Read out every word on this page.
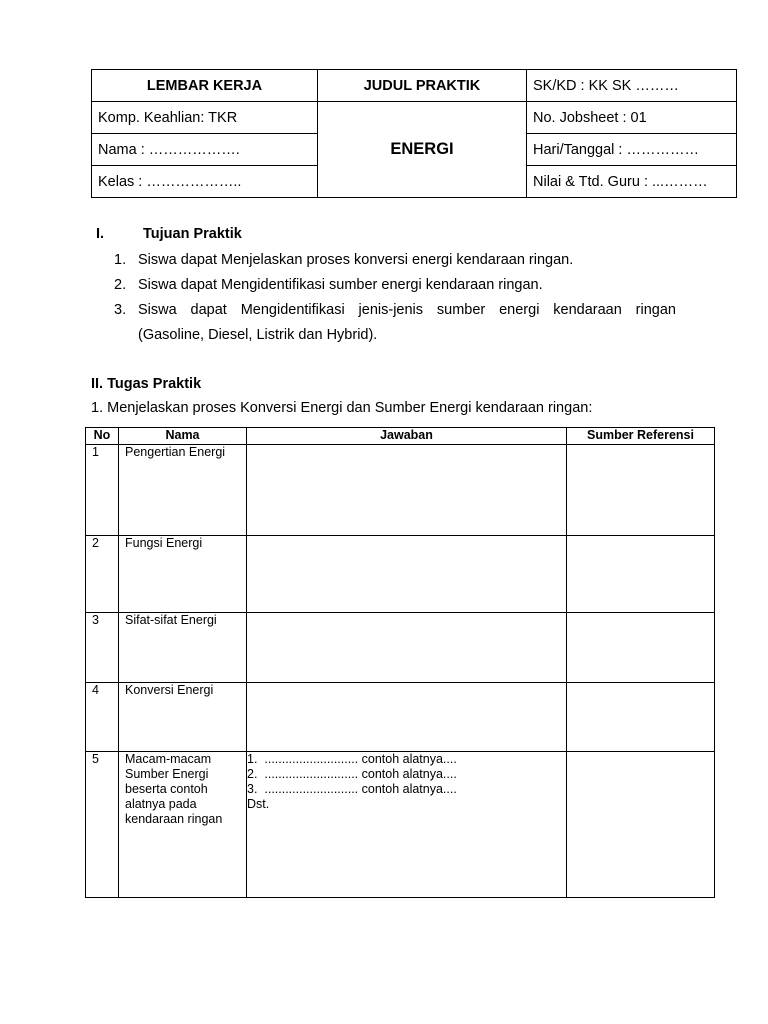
LEMBAR KERJA	JUDUL PRAKTIK	SK/KD : KK SK ………
Komp. Keahlian: TKR	ENERGI	No. Jobsheet : 01
Nama : ……………….		Hari/Tanggal : ……………
Kelas : ………………..		Nilai & Ttd. Guru : ...………
I.	Tujuan Praktik
1. Siswa dapat Menjelaskan proses konversi energi kendaraan ringan.
2. Siswa dapat Mengidentifikasi sumber energi kendaraan ringan.
3. Siswa dapat Mengidentifikasi jenis-jenis sumber energi kendaraan ringan (Gasoline, Diesel, Listrik dan Hybrid).
II. Tugas Praktik
1. Menjelaskan proses Konversi Energi dan Sumber Energi kendaraan ringan:
No	Nama	Jawaban	Sumber Referensi
1	Pengertian Energi		
2	Fungsi Energi		
3	Sifat-sifat Energi		
4	Konversi Energi		
5	Macam-macam Sumber Energi beserta contoh alatnya pada kendaraan ringan	1.  ........................... contoh alatnya....
2.  ........................... contoh alatnya....
3.  ........................... contoh alatnya....
Dst.	
